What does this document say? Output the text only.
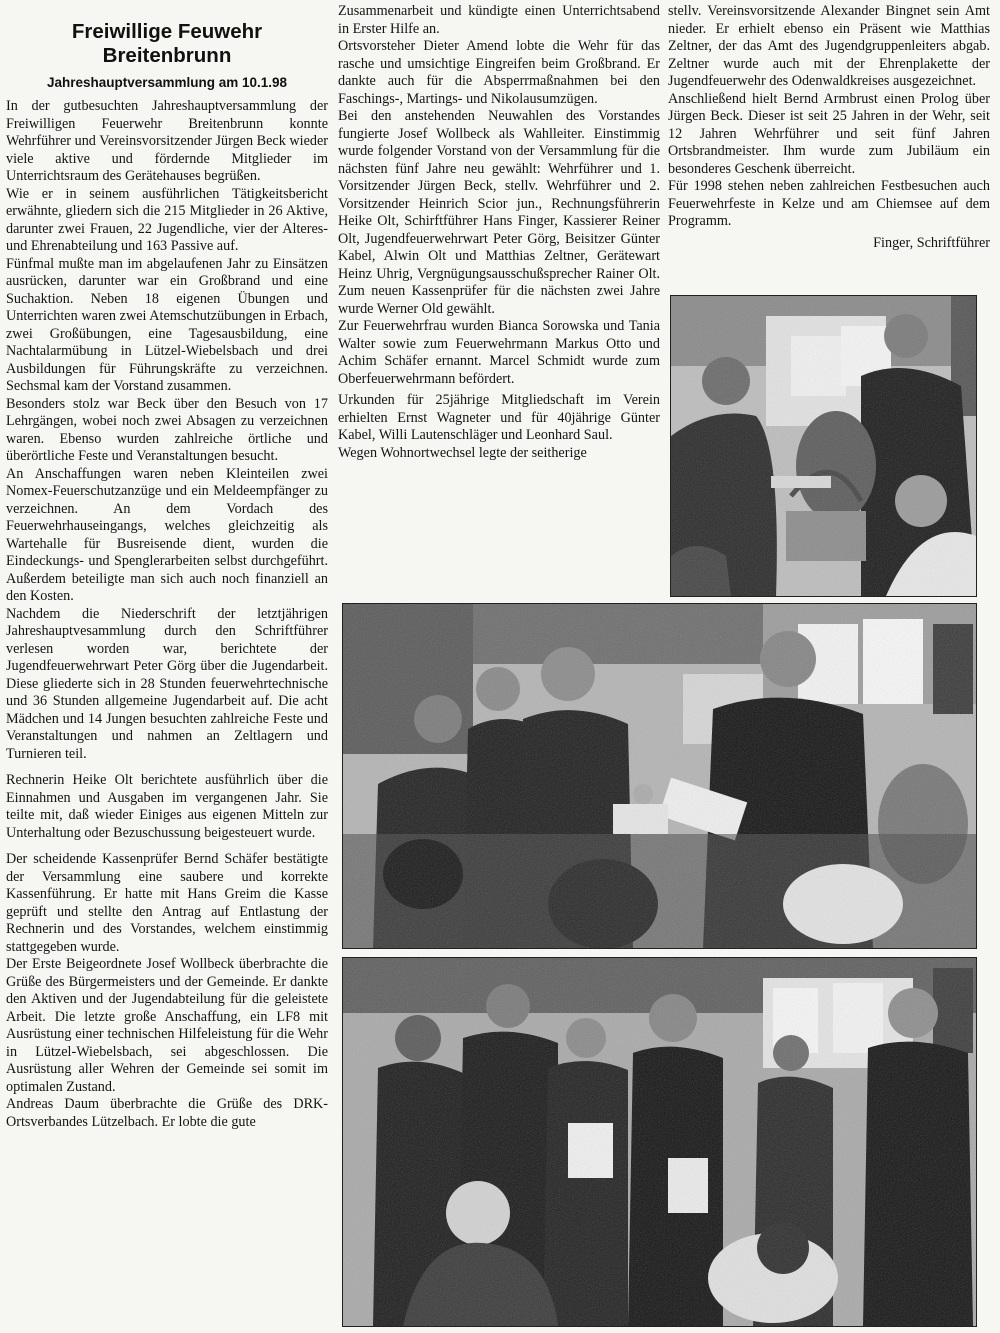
Freiwillige Feuwehr
Breitenbrunn
Jahreshauptversammlung am 10.1.98

In der gutbesuchten Jahreshauptversammlung der Freiwilligen Feuerwehr Breitenbrunn konnte Wehrführer und Vereinsvorsitzender Jürgen Beck wieder viele aktive und fördernde Mitglieder im Unterrichtsraum des Gerätehauses begrüßen.

Wie er in seinem ausführlichen Tätigkeitsbericht erwähnte, gliedern sich die 215 Mitglieder in 26 Aktive, darunter zwei Frauen, 22 Jugendliche, vier der Alteres- und Ehrenabteilung und 163 Passive auf.

Fünfmal mußte man im abgelaufenen Jahr zu Einsätzen ausrücken, darunter war ein Großbrand und eine Suchaktion. Neben 18 eigenen Übungen und Unterrichten waren zwei Atemschutzübungen in Erbach, zwei Großübungen, eine Tagesausbildung, eine Nachtalarmübung in Lützel-Wiebelsbach und drei Ausbildungen für Führungskräfte zu verzeichnen. Sechsmal kam der Vorstand zusammen.

Besonders stolz war Beck über den Besuch von 17 Lehrgängen, wobei noch zwei Absagen zu verzeichnen waren. Ebenso wurden zahlreiche örtliche und überörtliche Feste und Veranstaltungen besucht.

An Anschaffungen waren neben Kleinteilen zwei Nomex-Feuerschutzanzüge und ein Meldeempfänger zu verzeichnen. An dem Vordach des Feuerwehrhauseingangs, welches gleichzeitig als Wartehalle für Busreisende dient, wurden die Eindeckungs- und Spenglerarbeiten selbst durchgeführt. Außerdem beteiligte man sich auch noch finanziell an den Kosten.

Nachdem die Niederschrift der letztjährigen Jahreshauptvesammlung durch den Schriftführer verlesen worden war, berichtete der Jugendfeuerwehrwart Peter Görg über die Jugendarbeit. Diese gliederte sich in 28 Stunden feuerwehrtechnische und 36 Stunden allgemeine Jugendarbeit auf. Die acht Mädchen und 14 Jungen besuchten zahlreiche Feste und Veranstaltungen und nahmen an Zeltlagern und Turnieren teil.

Rechnerin Heike Olt berichtete ausführlich über die Einnahmen und Ausgaben im vergangenen Jahr. Sie teilte mit, daß wieder Einiges aus eigenen Mitteln zur Unterhaltung oder Bezuschussung beigesteuert wurde.

Der scheidende Kassenprüfer Bernd Schäfer bestätigte der Versammlung eine saubere und korrekte Kassenführung. Er hatte mit Hans Greim die Kasse geprüft und stellte den Antrag auf Entlastung der Rechnerin und des Vorstandes, welchem einstimmig stattgegeben wurde.

Der Erste Beigeordnete Josef Wollbeck überbrachte die Grüße des Bürgermeisters und der Gemeinde. Er dankte den Aktiven und der Jugendabteilung für die geleistete Arbeit. Die letzte große Anschaffung, ein LF8 mit Ausrüstung einer technischen Hilfeleistung für die Wehr in Lützel-Wiebelsbach, sei abgeschlossen. Die Ausrüstung aller Wehren der Gemeinde sei somit im optimalen Zustand.

Andreas Daum überbrachte die Grüße des DRK-Ortsverbandes Lützelbach. Er lobte die gute

Zusammenarbeit und kündigte einen Unterrichtsabend in Erster Hilfe an.

Ortsvorsteher Dieter Amend lobte die Wehr für das rasche und umsichtige Eingreifen beim Großbrand. Er dankte auch für die Absperrmaßnahmen bei den Faschings-, Martings- und Nikolausumzügen.

Bei den anstehenden Neuwahlen des Vorstandes fungierte Josef Wollbeck als Wahlleiter. Einstimmig wurde folgender Vorstand von der Versammlung für die nächsten fünf Jahre neu gewählt: Wehrführer und 1. Vorsitzender Jürgen Beck, stellv. Wehrführer und 2. Vorsitzender Heinrich Scior jun., Rechnungsführerin Heike Olt, Schirftführer Hans Finger, Kassierer Reiner Olt, Jugendfeuerwehrwart Peter Görg, Beisitzer Günter Kabel, Alwin Olt und Matthias Zeltner, Gerätewart Heinz Uhrig, Vergnügungsausschußsprecher Rainer Olt. Zum neuen Kassenprüfer für die nächsten zwei Jahre wurde Werner Old gewählt.

Zur Feuerwehrfrau wurden Bianca Sorowska und Tania Walter sowie zum Feuerwehrmann Markus Otto und Achim Schäfer ernannt. Marcel Schmidt wurde zum Oberfeuerwehrmann befördert.

Urkunden für 25jährige Mitgliedschaft im Verein erhielten Ernst Wagneter und für 40jährige Günter Kabel, Willi Lautenschläger und Leonhard Saul.

Wegen Wohnortwechsel legte der seitherige

stellv. Vereinsvorsitzende Alexander Bingnet sein Amt nieder. Er erhielt ebenso ein Präsent wie Matthias Zeltner, der das Amt des Jugendgruppenleiters abgab. Zeltner wurde auch mit der Ehrenplakette der Jugendfeuerwehr des Odenwaldkreises ausgezeichnet.

Anschließend hielt Bernd Armbrust einen Prolog über Jürgen Beck. Dieser ist seit 25 Jahren in der Wehr, seit 12 Jahren Wehrführer und seit fünf Jahren Ortsbrandmeister. Ihm wurde zum Jubiläum ein besonderes Geschenk überreicht.

Für 1998 stehen neben zahlreichen Festbesuchen auch Feuerwehrfeste in Kelze und am Chiemsee auf dem Programm.

Finger, Schriftführer
